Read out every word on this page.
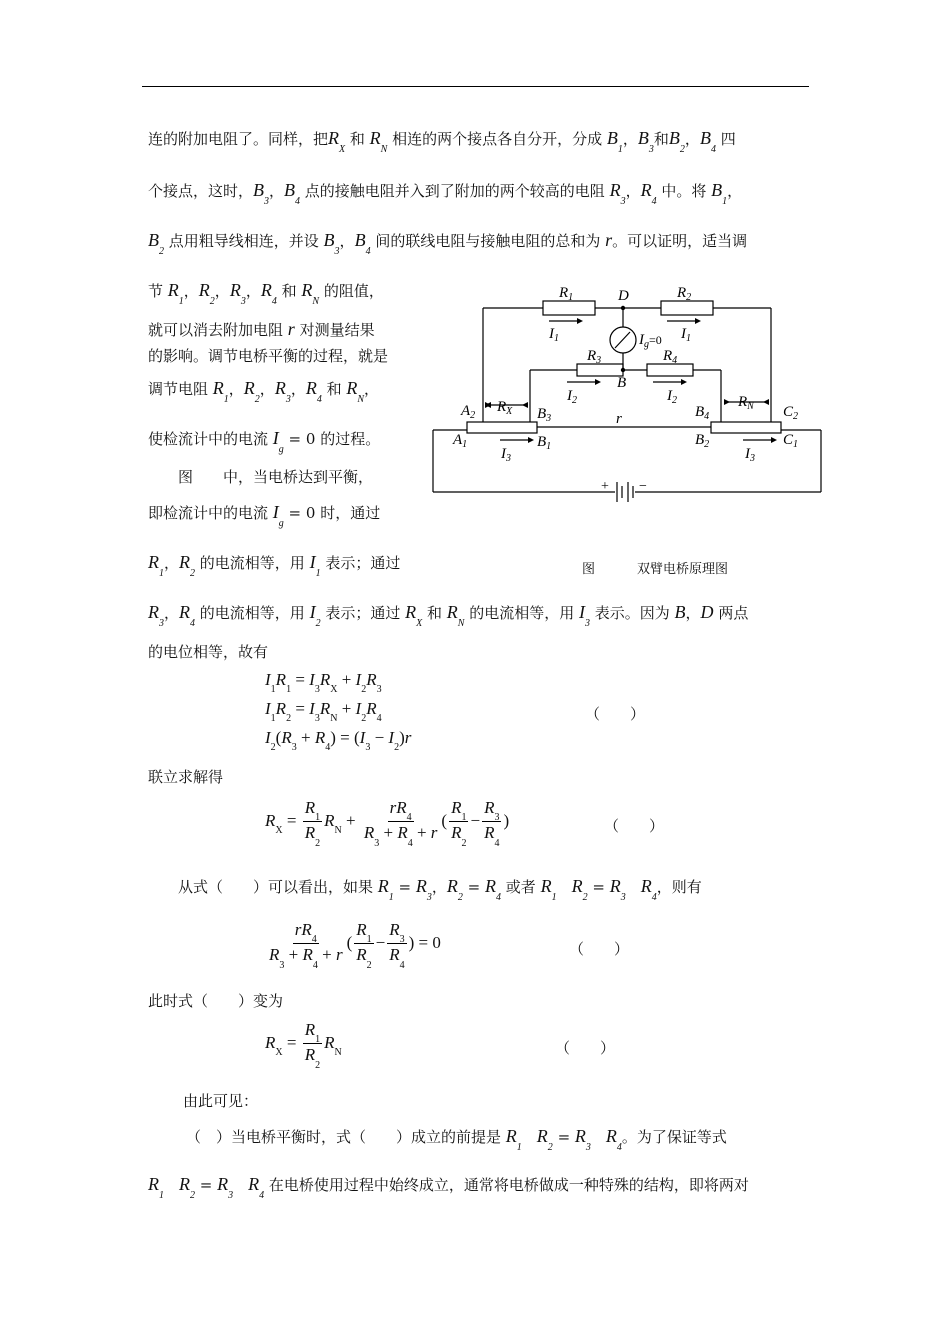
连的附加电阻了。同样，把$R_X$ 和 $R_N$ 相连的两个接点各自分开，分成 $B_1$，$B_3$和$B_2$，$B_4$ 四
个接点，这时，$B_3$，$B_4$ 点的接触电阻并入到了附加的两个较高的电阻 $R_3$，$R_4$ 中。将 $B_1$，
$B_2$ 点用粗导线相连，并设 $B_3$，$B_4$ 间的联线电阻与接触电阻的总和为 r。可以证明，适当调
节 $R_1$，$R_2$，$R_3$，$R_4$ 和 $R_N$ 的阻值，
就可以消去附加电阻 r 对测量结果
的影响。调节电桥平衡的过程，就是
调节电阻 $R_1$，$R_2$，$R_3$，$R_4$ 和 $R_N$，
使检流计中的电流 $I_g = 0$ 的过程。
图　　中，当电桥达到平衡，
即检流计中的电流 $I_g = 0$ 时，通过
$R_1$，$R_2$ 的电流相等，用 $I_1$ 表示；通过
$R_1$	D	$R_2$
$I_1$	$I_1$
$I_g^{=0}$
$R_3$	$R_4$
B
$I_2$	$I_2$
$A_2$
$R_X$ $B_3$	r	$B_4$
$R_N$ $C_2$
$A_1$	$B_1$	$B_2$	$C_1$
$I_3$	$I_3$
+ −
图	双臂电桥原理图
$R_3$，$R_4$ 的电流相等，用 $I_2$ 表示；通过 $R_X$ 和 $R_N$ 的电流相等，用 $I_3$ 表示。因为 B，D 两点
的电位相等，故有
$I_1R_1 = I_3R_X + I_2R_3$
$I_1R_2 = I_3R_N + I_2R_4$
$I_2(R_3 + R_4) = (I_3 - I_2)r$
（　　）
联立求解得
$R_X = \frac{R_1}{R_2} R_N + \frac{rR_4}{R_3 + R_4 + r}$ ( $\frac{R_1}{R_2} - \frac{R_3}{R_4}$ )	（　　）
从式（　　）可以看出，如果 $R_1 = R_3$，$R_2 = R_4$ 或者 $R_1$　$R_2 = R_3$　$R_4$，则有
$\frac{rR_4}{R_3 + R_4 + r}$ ( $\frac{R_1}{R_2} - \frac{R_3}{R_4}$ ) = 0	（　　）
此时式（　　）变为
$R_X = \frac{R_1}{R_2} R_N$	（　　）
由此可见：
（　）当电桥平衡时，式（　　）成立的前提是 $R_1$　$R_2 = R_3$　$R_4$。为了保证等式
$R_1$　$R_2 = R_3$　$R_4$ 在电桥使用过程中始终成立，通常将电桥做成一种特殊的结构，即将两对
